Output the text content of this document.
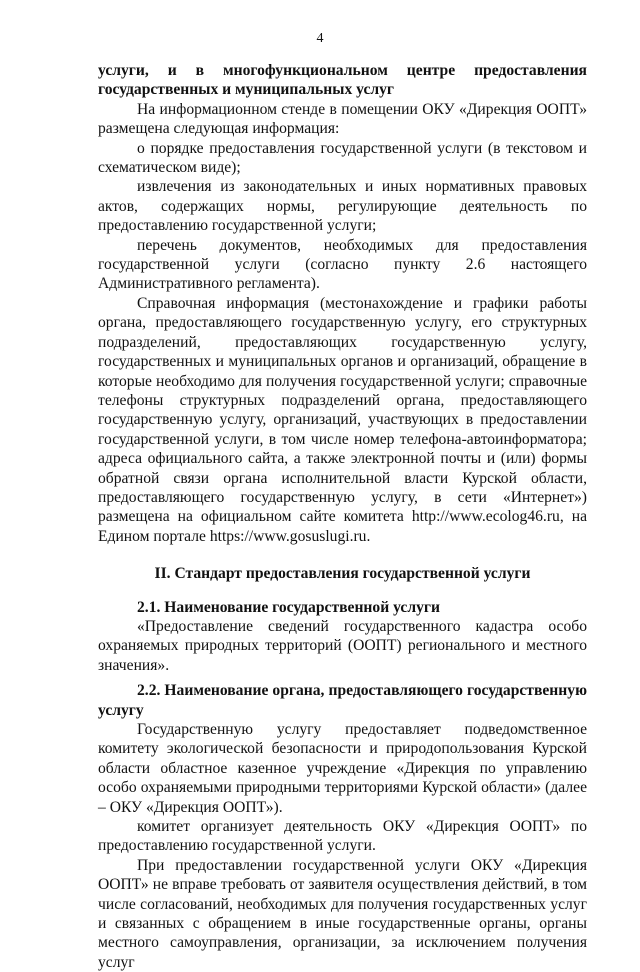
4

услуги, и в многофункциональном центре предоставления

государственных и муниципальных услуг

На информационном стенде в помещении ОКУ «Дирекция ООПТ» размещена следующая информация:

о порядке предоставления государственной услуги (в текстовом и схематическом виде);

извлечения из законодательных и иных нормативных правовых актов, содержащих нормы, регулирующие деятельность по предоставлению государственной услуги;

перечень документов, необходимых для предоставления государственной услуги (согласно пункту 2.6 настоящего Административного регламента).

Справочная информация (местонахождение и графики работы органа, предоставляющего государственную услугу, его структурных подразделений, предоставляющих государственную услугу, государственных и муниципальных органов и организаций, обращение в которые необходимо для получения государственной услуги; справочные телефоны структурных подразделений органа, предоставляющего государственную услугу, организаций, участвующих в предоставлении государственной услуги, в том числе номер телефона-автоинформатора; адреса официального сайта, а также электронной почты и (или) формы обратной связи органа исполнительной власти Курской области, предоставляющего государственную услугу, в сети «Интернет») размещена на официальном сайте комитета http://www.ecolog46.ru, на Едином портале https://www.gosuslugi.ru.

II. Стандарт предоставления государственной услуги

2.1. Наименование государственной услуги

«Предоставление сведений государственного кадастра особо охраняемых природных территорий (ООПТ) регионального и местного значения».

2.2. Наименование органа, предоставляющего государственную услугу

Государственную услугу предоставляет подведомственное комитету экологической безопасности и природопользования Курской области областное казенное учреждение «Дирекция по управлению особо охраняемыми природными территориями Курской области» (далее – ОКУ «Дирекция ООПТ»).

комитет организует деятельность ОКУ «Дирекция ООПТ» по предоставлению государственной услуги.

При предоставлении государственной услуги ОКУ «Дирекция ООПТ» не вправе требовать от заявителя осуществления действий, в том числе согласований, необходимых для получения государственных услуг и связанных с обращением в иные государственные органы, органы местного самоуправления, организации, за исключением получения услуг
